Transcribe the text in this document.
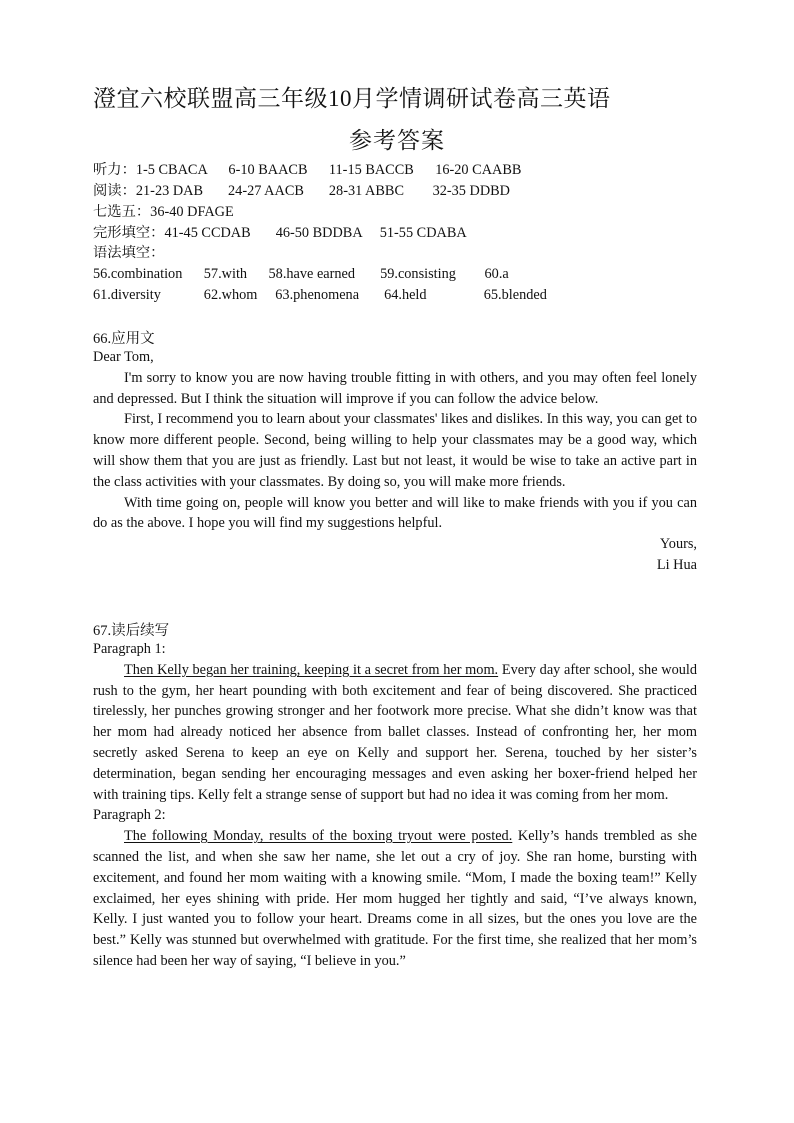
澄宜六校联盟高三年级10月学情调研试卷高三英语
参考答案
听力：1-5 CBACA      6-10 BAACB      11-15 BACCB      16-20 CAABB
阅读：21-23 DAB       24-27 AACB       28-31 ABBC        32-35 DDBD
七选五：36-40 DFAGE
完形填空：41-45 CCDAB       46-50 BDDBA     51-55 CDABA
语法填空：
56.combination      57.with      58.have earned       59.consisting        60.a
61.diversity            62.whom     63.phenomena       64.held                65.blended
66.应用文

Dear Tom,

I'm sorry to know you are now having trouble fitting in with others, and you may often feel lonely and depressed. But I think the situation will improve if you can follow the advice below.

First, I recommend you to learn about your classmates' likes and dislikes. In this way, you can get to know more different people. Second, being willing to help your classmates may be a good way, which will show them that you are just as friendly. Last but not least, it would be wise to take an active part in the class activities with your classmates. By doing so, you will make more friends.

With time going on, people will know you better and will like to make friends with you if you can do as the above. I hope you will find my suggestions helpful.

Yours,

Li Hua

67.读后续写

Paragraph 1:

Then Kelly began her training, keeping it a secret from her mom. Every day after school, she would rush to the gym, her heart pounding with both excitement and fear of being discovered. She practiced tirelessly, her punches growing stronger and her footwork more precise. What she didn’t know was that her mom had already noticed her absence from ballet classes. Instead of confronting her, her mom secretly asked Serena to keep an eye on Kelly and support her. Serena, touched by her sister’s determination, began sending her encouraging messages and even asking her boxer-friend helped her with training tips. Kelly felt a strange sense of support but had no idea it was coming from her mom.

Paragraph 2:

The following Monday, results of the boxing tryout were posted. Kelly’s hands trembled as she scanned the list, and when she saw her name, she let out a cry of joy. She ran home, bursting with excitement, and found her mom waiting with a knowing smile. “Mom, I made the boxing team!” Kelly exclaimed, her eyes shining with pride. Her mom hugged her tightly and said, “I’ve always known, Kelly. I just wanted you to follow your heart. Dreams come in all sizes, but the ones you love are the best.” Kelly was stunned but overwhelmed with gratitude. For the first time, she realized that her mom’s silence had been her way of saying, “I believe in you.”
